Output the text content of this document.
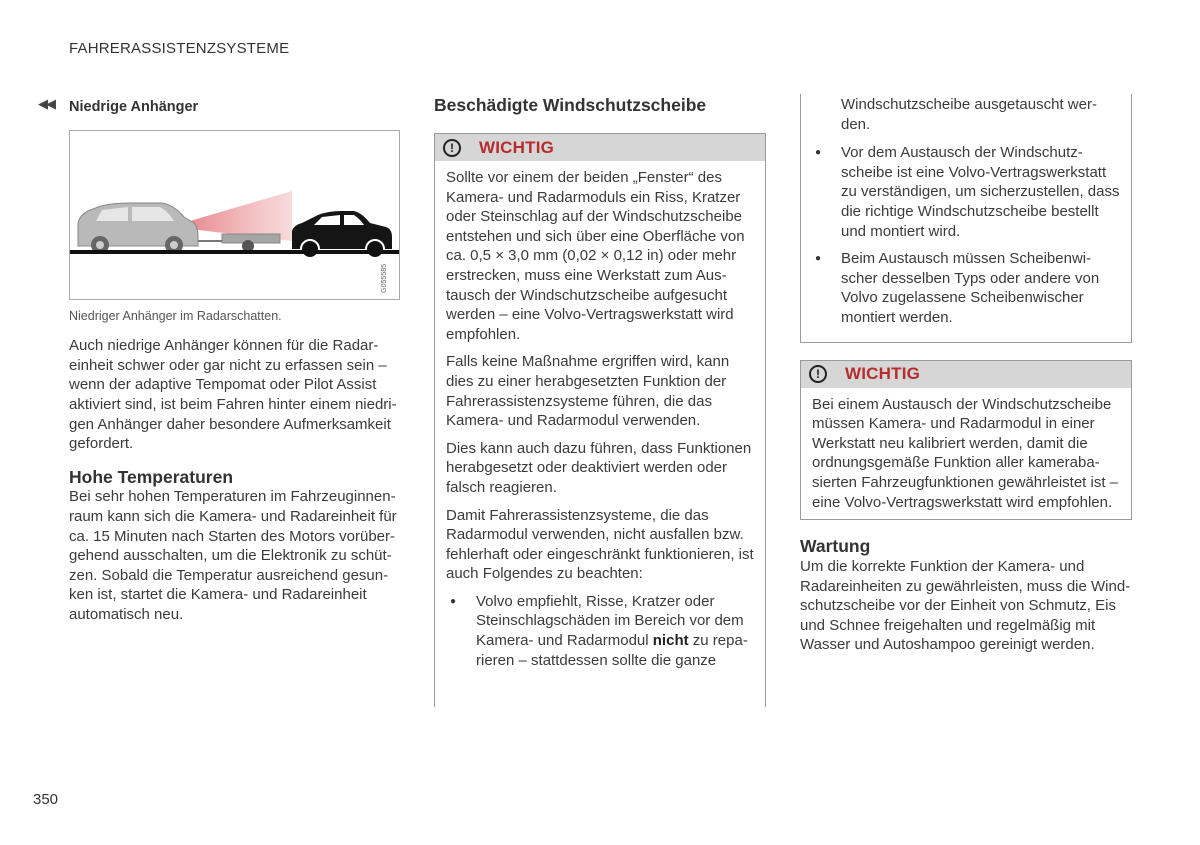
FAHRERASSISTENZSYSTEME
◀◀ Niedrige Anhänger
G055585
Niedriger Anhänger im Radarschatten.

Auch niedrige Anhänger können für die Radareinheit schwer oder gar nicht zu erfassen sein – wenn der adaptive Tempomat oder Pilot Assist aktiviert sind, ist beim Fahren hinter einem niedrigen Anhänger daher besondere Aufmerksamkeit gefordert.

Hohe Temperaturen

Bei sehr hohen Temperaturen im Fahrzeuginnenraum kann sich die Kamera- und Radareinheit für ca. 15 Minuten nach Starten des Motors vorübergehend ausschalten, um die Elektronik zu schützen. Sobald die Temperatur ausreichend gesunken ist, startet die Kamera- und Radareinheit automatisch neu.

Beschädigte Windschutzscheibe
!	WICHTIG

Sollte vor einem der beiden „Fenster“ des Kamera- und Radarmoduls ein Riss, Kratzer oder Steinschlag auf der Windschutzscheibe entstehen und sich über eine Oberfläche von ca. 0,5 × 3,0 mm (0,02 × 0,12 in) oder mehr erstrecken, muss eine Werkstatt zum Austausch der Windschutzscheibe aufgesucht werden – eine Volvo-Vertragswerkstatt wird empfohlen.

Falls keine Maßnahme ergriffen wird, kann dies zu einer herabgesetzten Funktion der Fahrerassistenzsysteme führen, die das Kamera- und Radarmodul verwenden.

Dies kann auch dazu führen, dass Funktionen herabgesetzt oder deaktiviert werden oder falsch reagieren.

Damit Fahrerassistenzsysteme, die das Radarmodul verwenden, nicht ausfallen bzw. fehlerhaft oder eingeschränkt funktionieren, ist auch Folgendes zu beachten:

● Volvo empfiehlt, Risse, Kratzer oder Steinschlagschäden im Bereich vor dem Kamera- und Radarmodul nicht zu reparieren – stattdessen sollte die ganze
Windschutzscheibe ausgetauscht werden.
● Vor dem Austausch der Windschutzscheibe ist eine Volvo-Vertragswerkstatt zu verständigen, um sicherzustellen, dass die richtige Windschutzscheibe bestellt und montiert wird.
● Beim Austausch müssen Scheibenwischer desselben Typs oder andere von Volvo zugelassene Scheibenwischer montiert werden.
!	WICHTIG

Bei einem Austausch der Windschutzscheibe müssen Kamera- und Radarmodul in einer Werkstatt neu kalibriert werden, damit die ordnungsgemäße Funktion aller kamerabasierten Fahrzeugfunktionen gewährleistet ist – eine Volvo-Vertragswerkstatt wird empfohlen.

Wartung

Um die korrekte Funktion der Kamera- und Radareinheiten zu gewährleisten, muss die Windschutzscheibe vor der Einheit von Schmutz, Eis und Schnee freigehalten und regelmäßig mit Wasser und Autoshampoo gereinigt werden.

350
